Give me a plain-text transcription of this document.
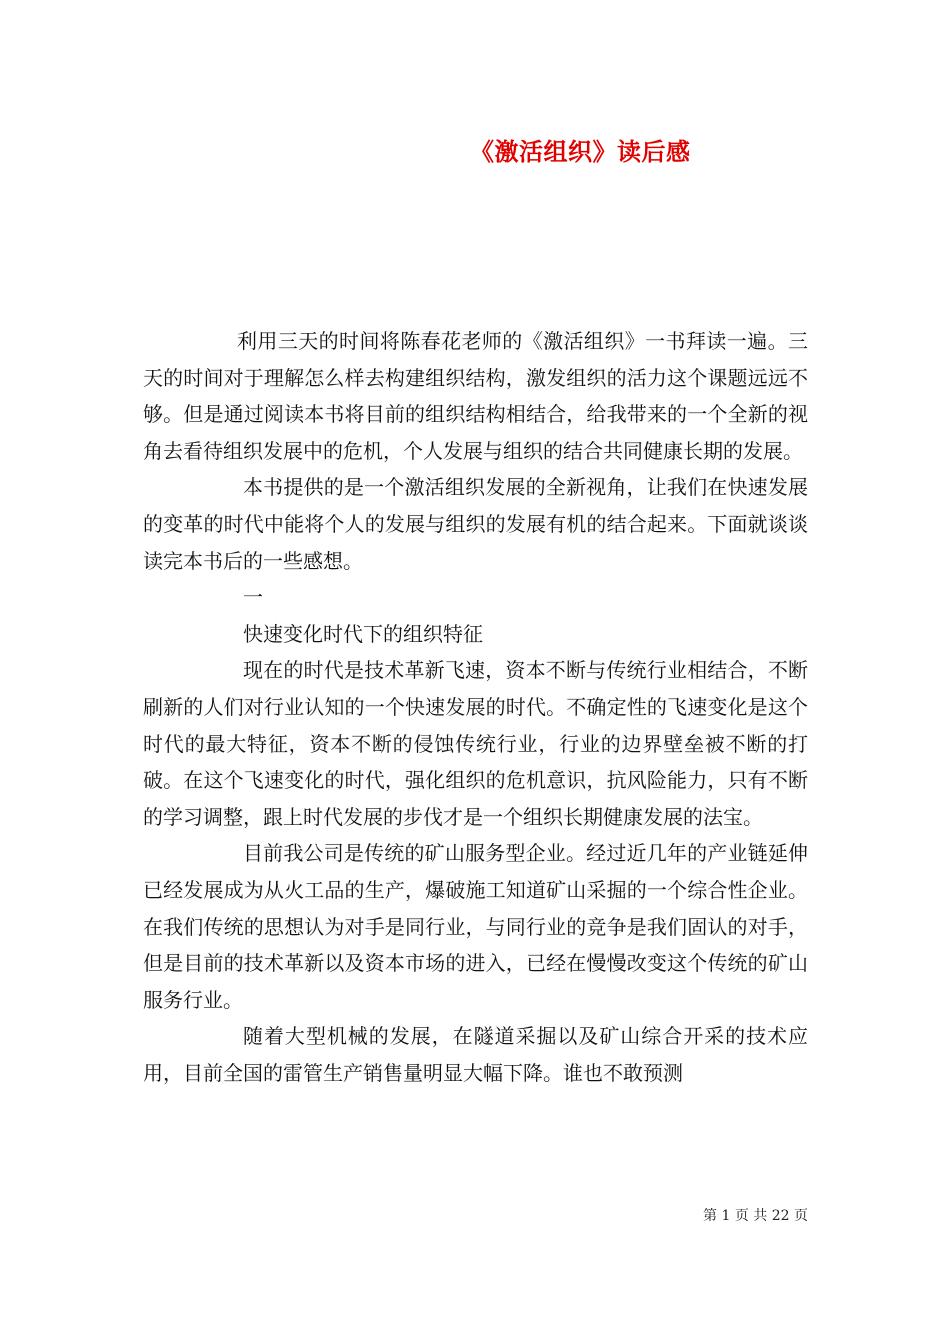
《激活组织》读后感

利用三天的时间将陈春花老师的《激活组织》一书拜读一遍。三天的时间对于理解怎么样去构建组织结构，激发组织的活力这个课题远远不够。但是通过阅读本书将目前的组织结构相结合，给我带来的一个全新的视角去看待组织发展中的危机，个人发展与组织的结合共同健康长期的发展。

本书提供的是一个激活组织发展的全新视角，让我们在快速发展的变革的时代中能将个人的发展与组织的发展有机的结合起来。下面就谈谈读完本书后的一些感想。

一

快速变化时代下的组织特征

现在的时代是技术革新飞速，资本不断与传统行业相结合，不断刷新的人们对行业认知的一个快速发展的时代。不确定性的飞速变化是这个时代的最大特征，资本不断的侵蚀传统行业，行业的边界壁垒被不断的打破。在这个飞速变化的时代，强化组织的危机意识，抗风险能力，只有不断的学习调整，跟上时代发展的步伐才是一个组织长期健康发展的法宝。

目前我公司是传统的矿山服务型企业。经过近几年的产业链延伸已经发展成为从火工品的生产，爆破施工知道矿山采掘的一个综合性企业。在我们传统的思想认为对手是同行业，与同行业的竞争是我们固认的对手，但是目前的技术革新以及资本市场的进入，已经在慢慢改变这个传统的矿山服务行业。

随着大型机械的发展，在隧道采掘以及矿山综合开采的技术应用，目前全国的雷管生产销售量明显大幅下降。谁也不敢预测

第 1 页 共 22 页
